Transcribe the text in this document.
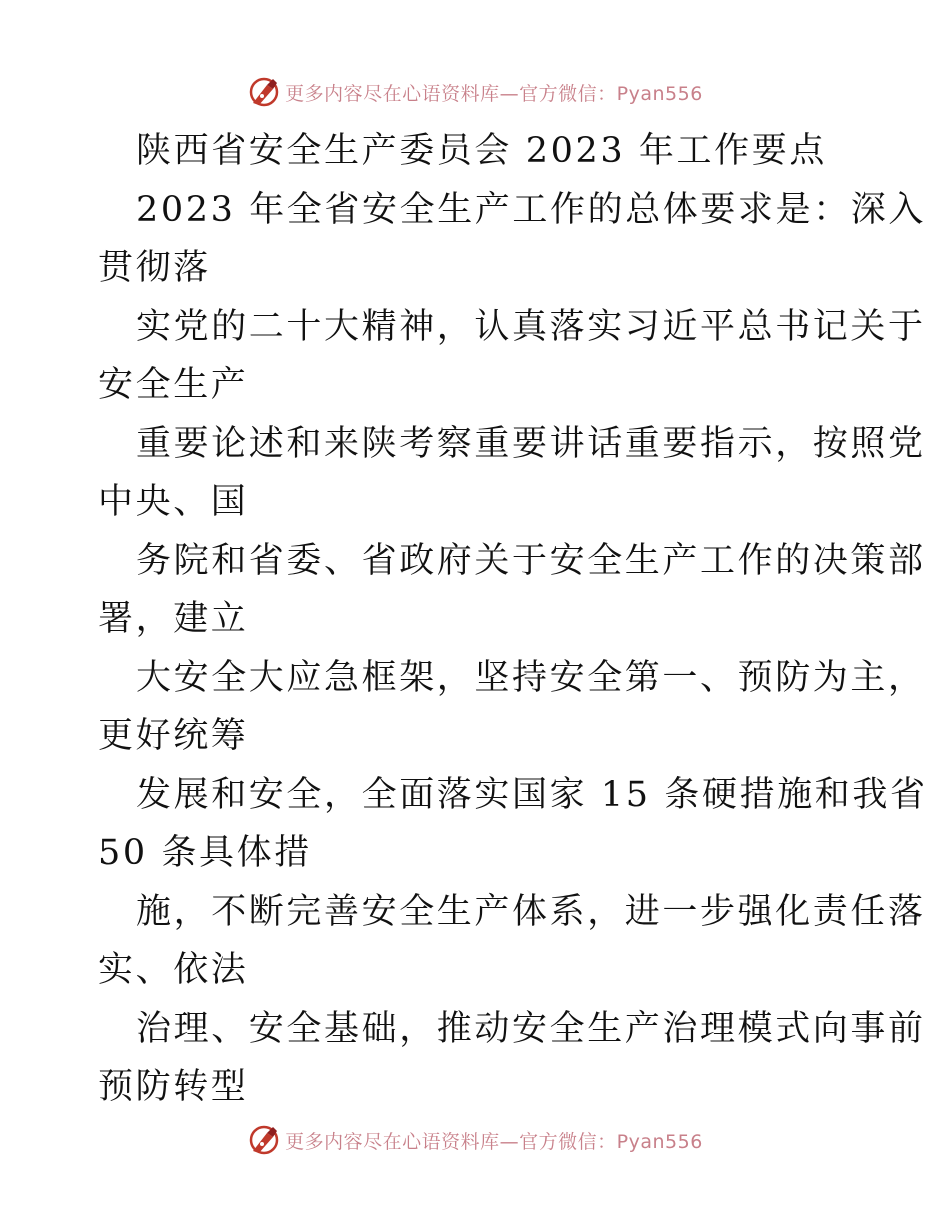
更多内容尽在心语资料库—官方微信：Pyan556
陕西省安全生产委员会 2023 年工作要点
2023 年全省安全生产工作的总体要求是：深入
贯彻落
实党的二十大精神，认真落实习近平总书记关于
安全生产
重要论述和来陕考察重要讲话重要指示，按照党
中央、国
务院和省委、省政府关于安全生产工作的决策部
署，建立
大安全大应急框架，坚持安全第一、预防为主，
更好统筹
发展和安全，全面落实国家 15 条硬措施和我省
50 条具体措
施，不断完善安全生产体系，进一步强化责任落
实、依法
治理、安全基础，推动安全生产治理模式向事前
预防转型
更多内容尽在心语资料库—官方微信：Pyan556
